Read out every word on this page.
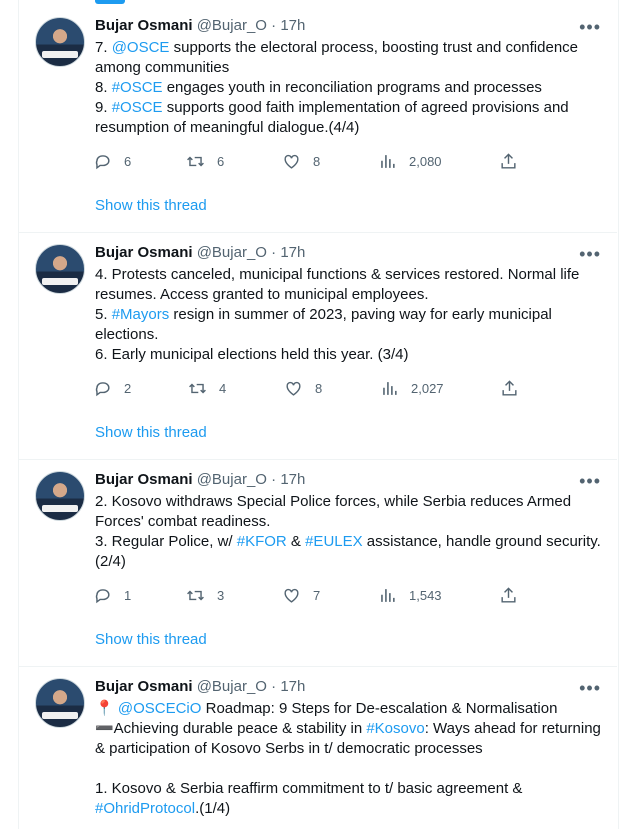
Bujar Osmani @Bujar_O · 17h	•••

7. @OSCE supports the electoral process, boosting trust and confidence among communities

8. #OSCE engages youth in reconciliation programs and processes

9. #OSCE supports good faith implementation of agreed provisions and resumption of meaningful dialogue.(4/4)

6	6	8	2,080
Show this thread
Bujar Osmani @Bujar_O · 17h	•••

4. Protests canceled, municipal functions & services restored. Normal life resumes. Access granted to municipal employees.

5. #Mayors resign in summer of 2023, paving way for early municipal elections.

6. Early municipal elections held this year. (3/4)

2	4	8	2,027
Show this thread
Bujar Osmani @Bujar_O · 17h	•••

2. Kosovo withdraws Special Police forces, while Serbia reduces Armed Forces' combat readiness.

3. Regular Police, w/ #KFOR & #EULEX assistance, handle ground security.(2/4)

1	3	7	1,543
Show this thread
Bujar Osmani @Bujar_O · 17h	•••

📍 @OSCECiO Roadmap: 9 Steps for De-escalation & Normalisation

➖Achieving durable peace & stability in #Kosovo: Ways ahead for returning & participation of Kosovo Serbs in t/ democratic processes

1. Kosovo & Serbia reaffirm commitment to t/ basic agreement & #OhridProtocol.(1/4)
